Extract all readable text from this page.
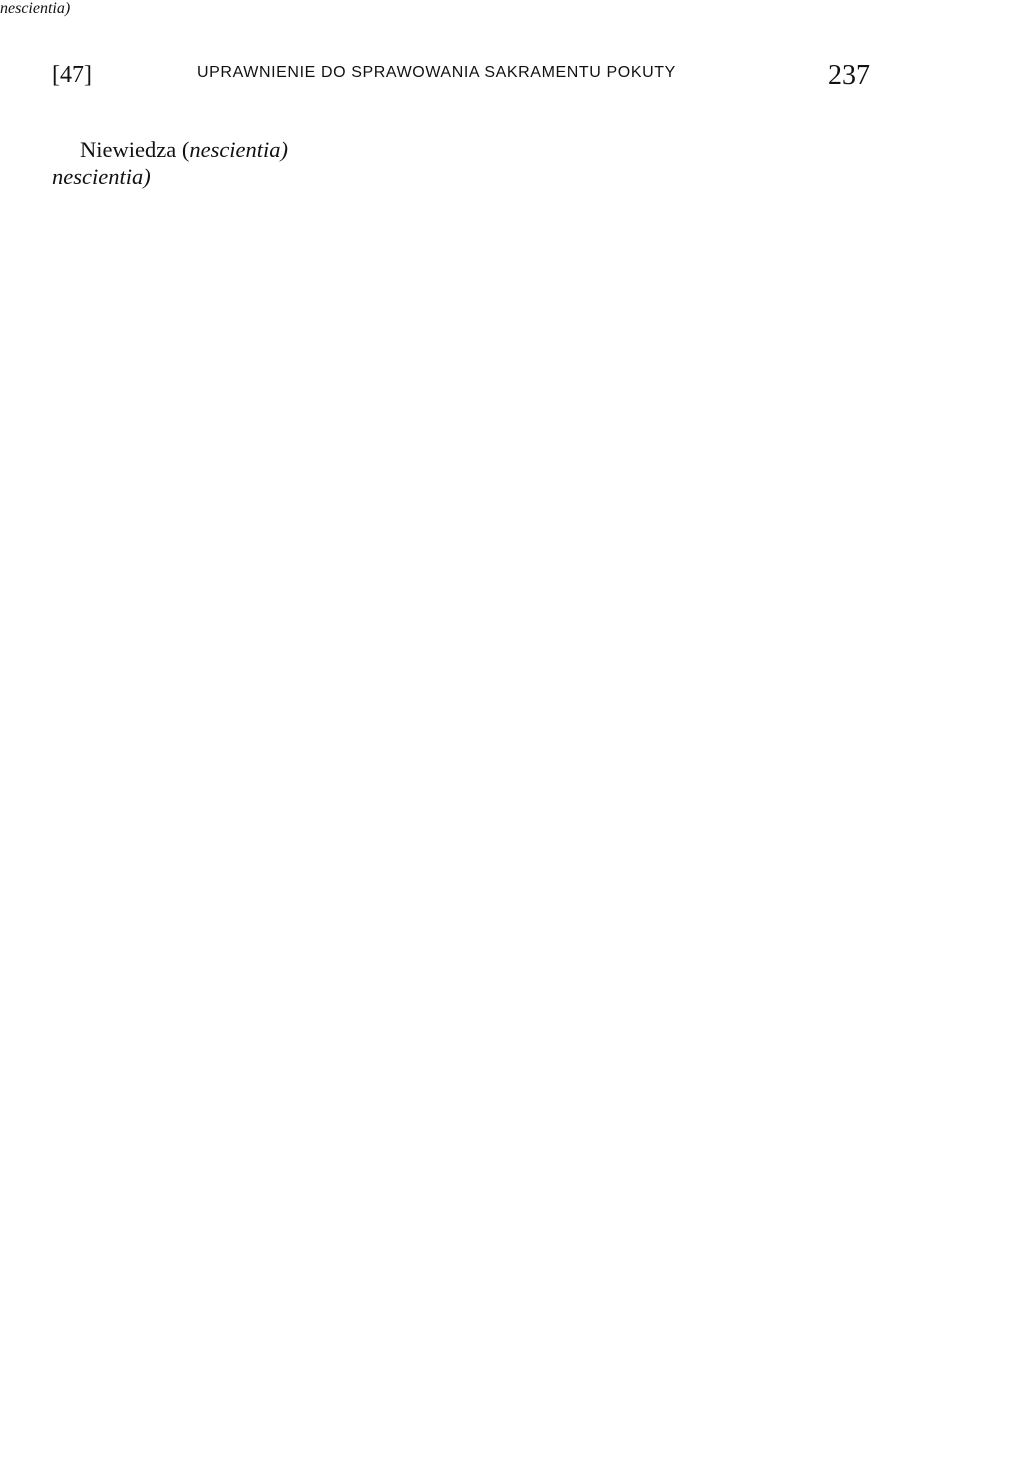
[47]	UPRAWNIENIE DO SPRAWOWANIA SAKRAMENTU POKUTY	237

Niewiedza (nescientia)

nescientia)
nescientia)
